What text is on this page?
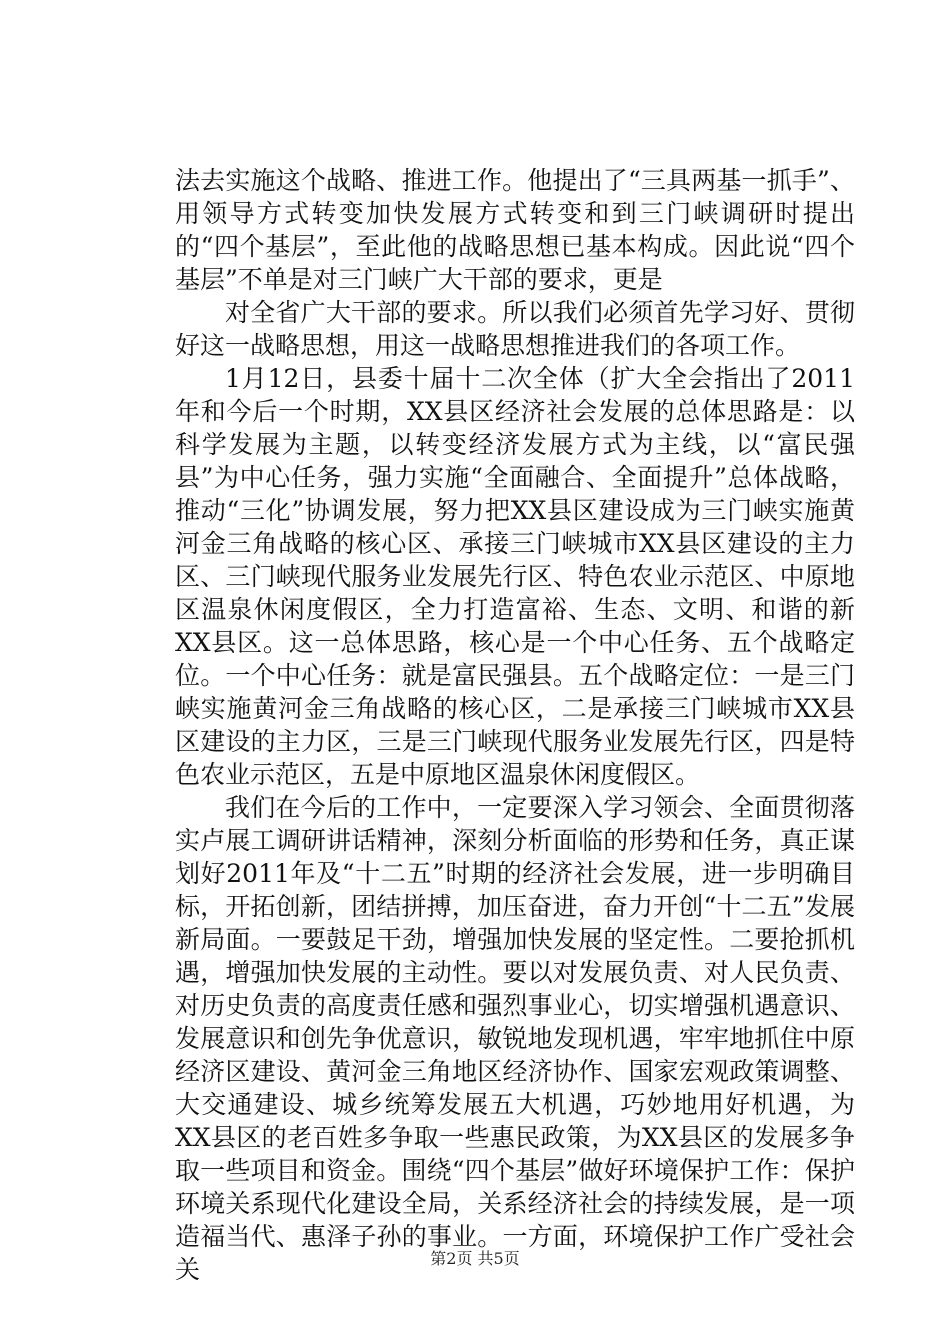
法去实施这个战略、推进工作。他提出了“三具两基一抓手”、用领导方式转变加快发展方式转变和到三门峡调研时提出的“四个基层”，至此他的战略思想已基本构成。因此说“四个基层”不单是对三门峡广大干部的要求，更是

对全省广大干部的要求。所以我们必须首先学习好、贯彻好这一战略思想，用这一战略思想推进我们的各项工作。

1月12日，县委十届十二次全体（扩大全会指出了2011年和今后一个时期，XX县区经济社会发展的总体思路是：以科学发展为主题，以转变经济发展方式为主线，以“富民强县”为中心任务，强力实施“全面融合、全面提升”总体战略，推动“三化”协调发展，努力把XX县区建设成为三门峡实施黄河金三角战略的核心区、承接三门峡城市XX县区建设的主力区、三门峡现代服务业发展先行区、特色农业示范区、中原地区温泉休闲度假区，全力打造富裕、生态、文明、和谐的新XX县区。这一总体思路，核心是一个中心任务、五个战略定位。一个中心任务：就是富民强县。五个战略定位：一是三门峡实施黄河金三角战略的核心区，二是承接三门峡城市XX县区建设的主力区，三是三门峡现代服务业发展先行区，四是特色农业示范区，五是中原地区温泉休闲度假区。

我们在今后的工作中，一定要深入学习领会、全面贯彻落实卢展工调研讲话精神，深刻分析面临的形势和任务，真正谋划好2011年及“十二五”时期的经济社会发展，进一步明确目标，开拓创新，团结拼搏，加压奋进，奋力开创“十二五”发展新局面。一要鼓足干劲，增强加快发展的坚定性。二要抢抓机遇，增强加快发展的主动性。要以对发展负责、对人民负责、对历史负责的高度责任感和强烈事业心，切实增强机遇意识、发展意识和创先争优意识，敏锐地发现机遇，牢牢地抓住中原经济区建设、黄河金三角地区经济协作、国家宏观政策调整、大交通建设、城乡统筹发展五大机遇，巧妙地用好机遇，为XX县区的老百姓多争取一些惠民政策，为XX县区的发展多争取一些项目和资金。围绕“四个基层”做好环境保护工作：保护环境关系现代化建设全局，关系经济社会的持续发展，是一项造福当代、惠泽子孙的事业。一方面，环境保护工作广受社会关	第2页 共5页
